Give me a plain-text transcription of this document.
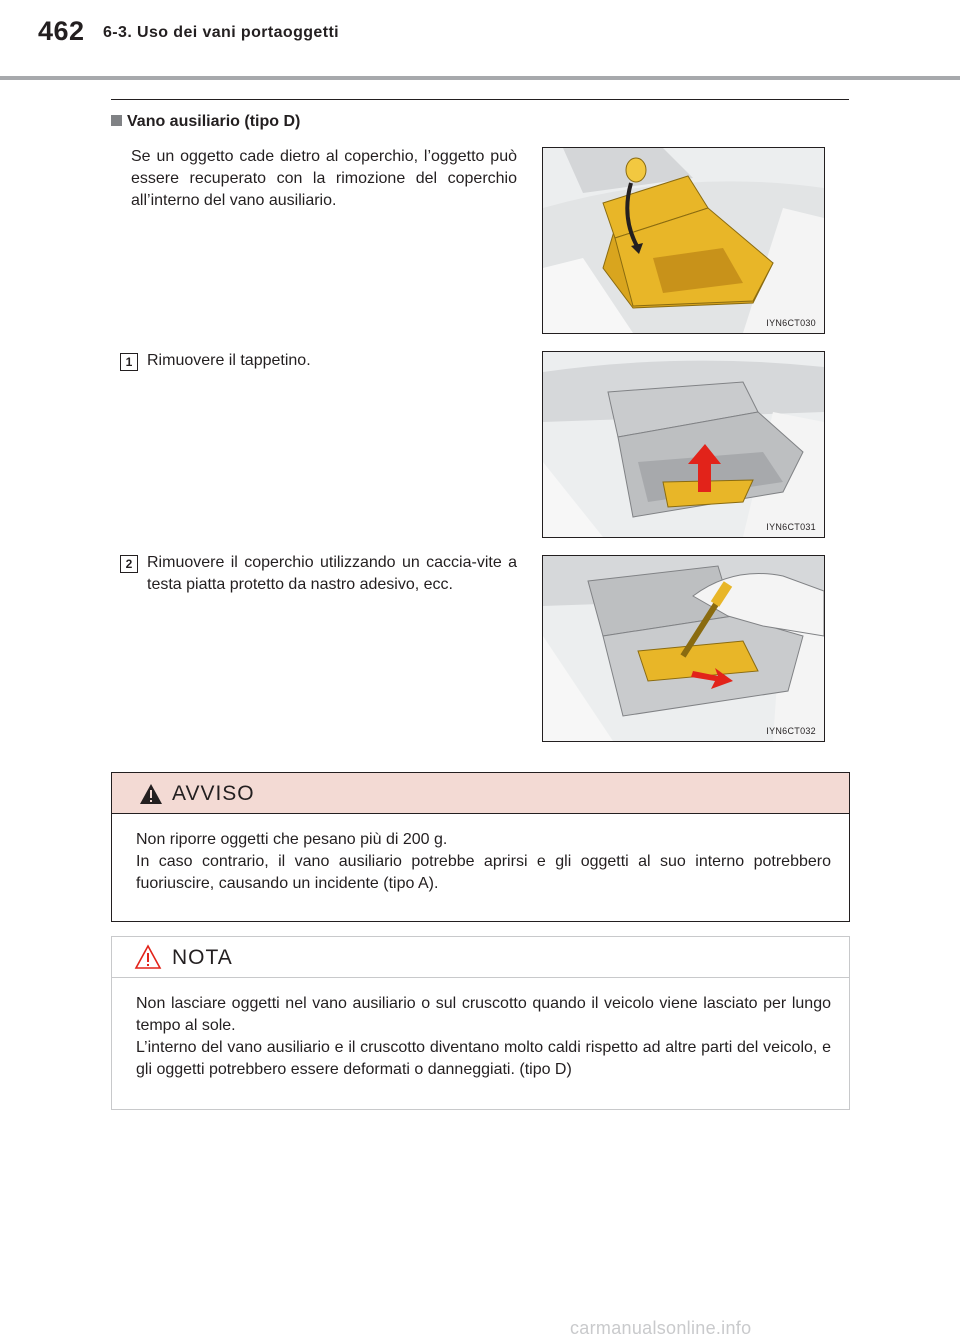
462 6-3. Uso dei vani portaoggetti
Vano ausiliario (tipo D)
Se un oggetto cade dietro al coperchio, l’oggetto può essere recuperato con la rimozione del coperchio all’interno del vano ausiliario.
1 Rimuovere il tappetino.
2 Rimuovere il coperchio utilizzando un caccia-vite a testa piatta protetto da nastro adesivo, ecc.
IYN6CT030
IYN6CT031
IYN6CT032
AVVISO
Non riporre oggetti che pesano più di 200 g.
In caso contrario, il vano ausiliario potrebbe aprirsi e gli oggetti al suo interno potrebbero fuoriuscire, causando un incidente (tipo A).
NOTA
Non lasciare oggetti nel vano ausiliario o sul cruscotto quando il veicolo viene lasciato per lungo tempo al sole.
L’interno del vano ausiliario e il cruscotto diventano molto caldi rispetto ad altre parti del veicolo, e gli oggetti potrebbero essere deformati o danneggiati. (tipo D)
carmanualsonline.info
